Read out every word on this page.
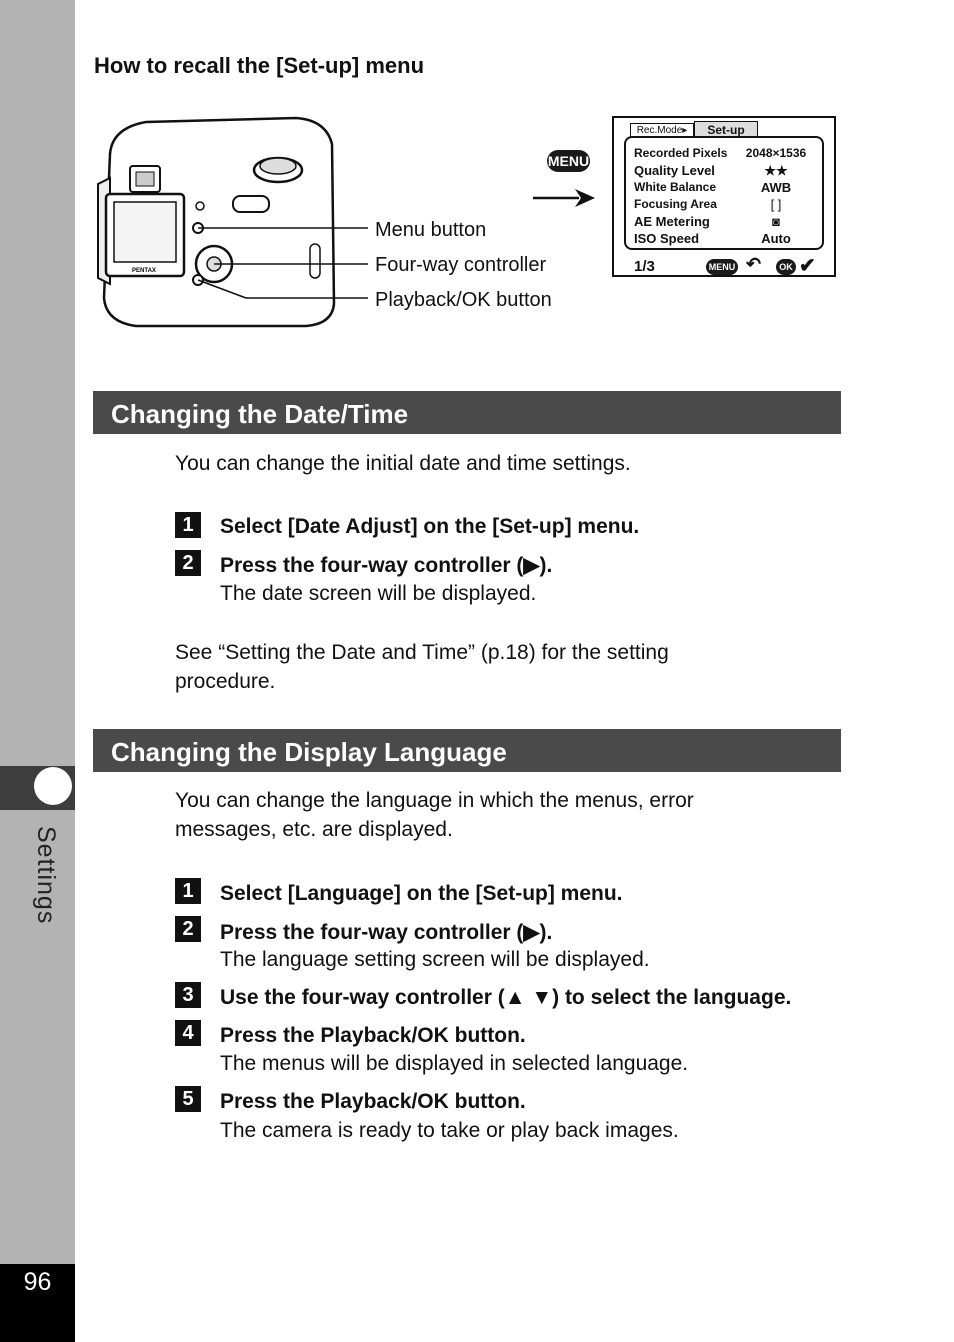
Settings
96
How to recall the [Set-up] menu
PENTAX
MENU
Menu button
Four-way controller
Playback/OK button
Rec.Mode▸	Set-up
Recorded Pixels	2048×1536
Quality Level	★★
White Balance	AWB
Focusing Area	[ ]
AE Metering	◙
ISO Speed	Auto
1/3	MENU ↶	OK ✔
Changing the Date/Time
You can change the initial date and time settings.
1	Select [Date Adjust] on the [Set-up] menu.
2	Press the four-way controller (▶).
The date screen will be displayed.
See “Setting the Date and Time” (p.18) for the setting
procedure.
Changing the Display Language
You can change the language in which the menus, error
messages, etc. are displayed.
1	Select [Language] on the [Set-up] menu.
2	Press the four-way controller (▶).
The language setting screen will be displayed.
3	Use the four-way controller (▲ ▼) to select the language.
4	Press the Playback/OK button.
The menus will be displayed in selected language.
5	Press the Playback/OK button.
The camera is ready to take or play back images.
